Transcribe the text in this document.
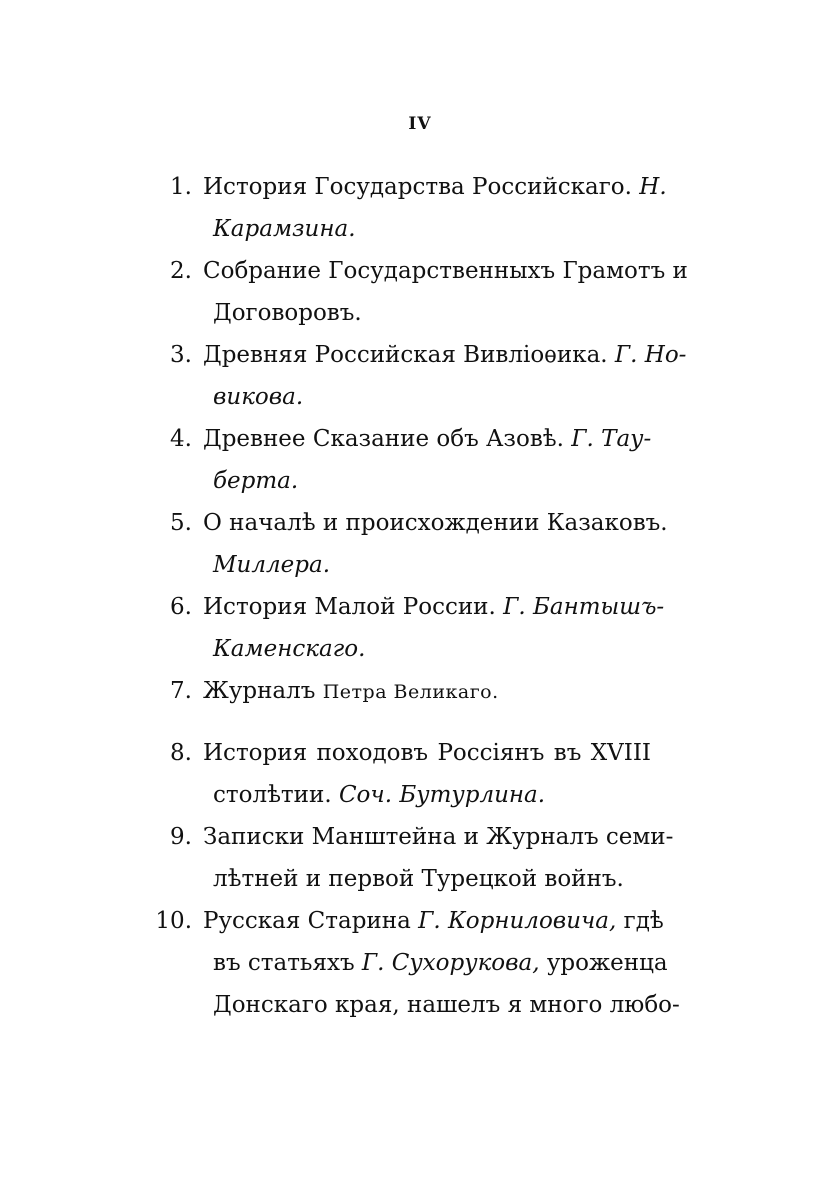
IV
1. История Государства Российскаго. Н.
Карамзина.
2. Собрание Государственныхъ Грамотъ и
Договоровъ.
3. Древняя Российская Вивліоѳика. Г. Но-
викова.
4. Древнее Сказание объ Азовѣ. Г. Тау-
берта.
5. О началѣ и происхождении Казаковъ.
Миллера.
6. История Малой России. Г. Бантышъ-
Каменскаго.
7. Журналъ Петра Великаго.
8. История походовъ Россіянъ въ XVIII
столѣтии. Соч. Бутурлина.
9. Записки Манштейна и Журналъ семи-
лѣтней и первой Турецкой войнъ.
10. Русская Старина Г. Корниловича, гдѣ
въ статьяхъ Г. Сухорукова, уроженца
Донскаго края, нашелъ я много любо-
